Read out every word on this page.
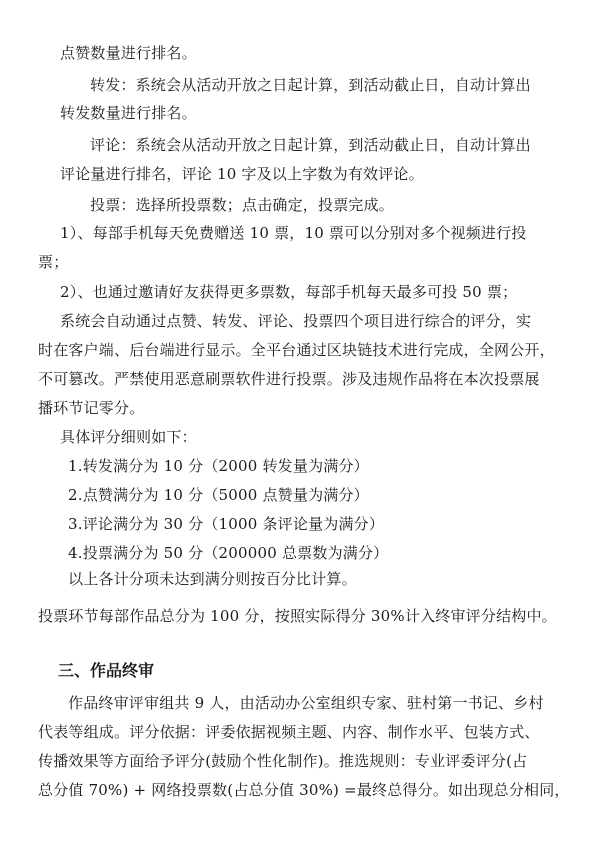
点赞数量进行排名。
转发：系统会从活动开放之日起计算，到活动截止日，自动计算出
转发数量进行排名。
评论：系统会从活动开放之日起计算，到活动截止日，自动计算出
评论量进行排名，评论 10 字及以上字数为有效评论。
投票：选择所投票数；点击确定，投票完成。
1）、每部手机每天免费赠送 10 票，10 票可以分别对多个视频进行投
票；
2）、也通过邀请好友获得更多票数，每部手机每天最多可投 50 票；
系统会自动通过点赞、转发、评论、投票四个项目进行综合的评分，实
时在客户端、后台端进行显示。全平台通过区块链技术进行完成，全网公开，
不可篡改。严禁使用恶意刷票软件进行投票。涉及违规作品将在本次投票展
播环节记零分。
具体评分细则如下：
1.转发满分为 10 分（2000 转发量为满分）
2.点赞满分为 10 分（5000 点赞量为满分）
3.评论满分为 30 分（1000 条评论量为满分）
4.投票满分为 50 分（200000 总票数为满分）
以上各计分项未达到满分则按百分比计算。
投票环节每部作品总分为 100 分，按照实际得分 30%计入终审评分结构中。
三、作品终审
作品终审评审组共 9 人，由活动办公室组织专家、驻村第一书记、乡村
代表等组成。评分依据：评委依据视频主题、内容、制作水平、包装方式、
传播效果等方面给予评分(鼓励个性化制作)。推选规则：专业评委评分(占
总分值 70%) + 网络投票数(占总分值 30%) =最终总得分。如出现总分相同，
